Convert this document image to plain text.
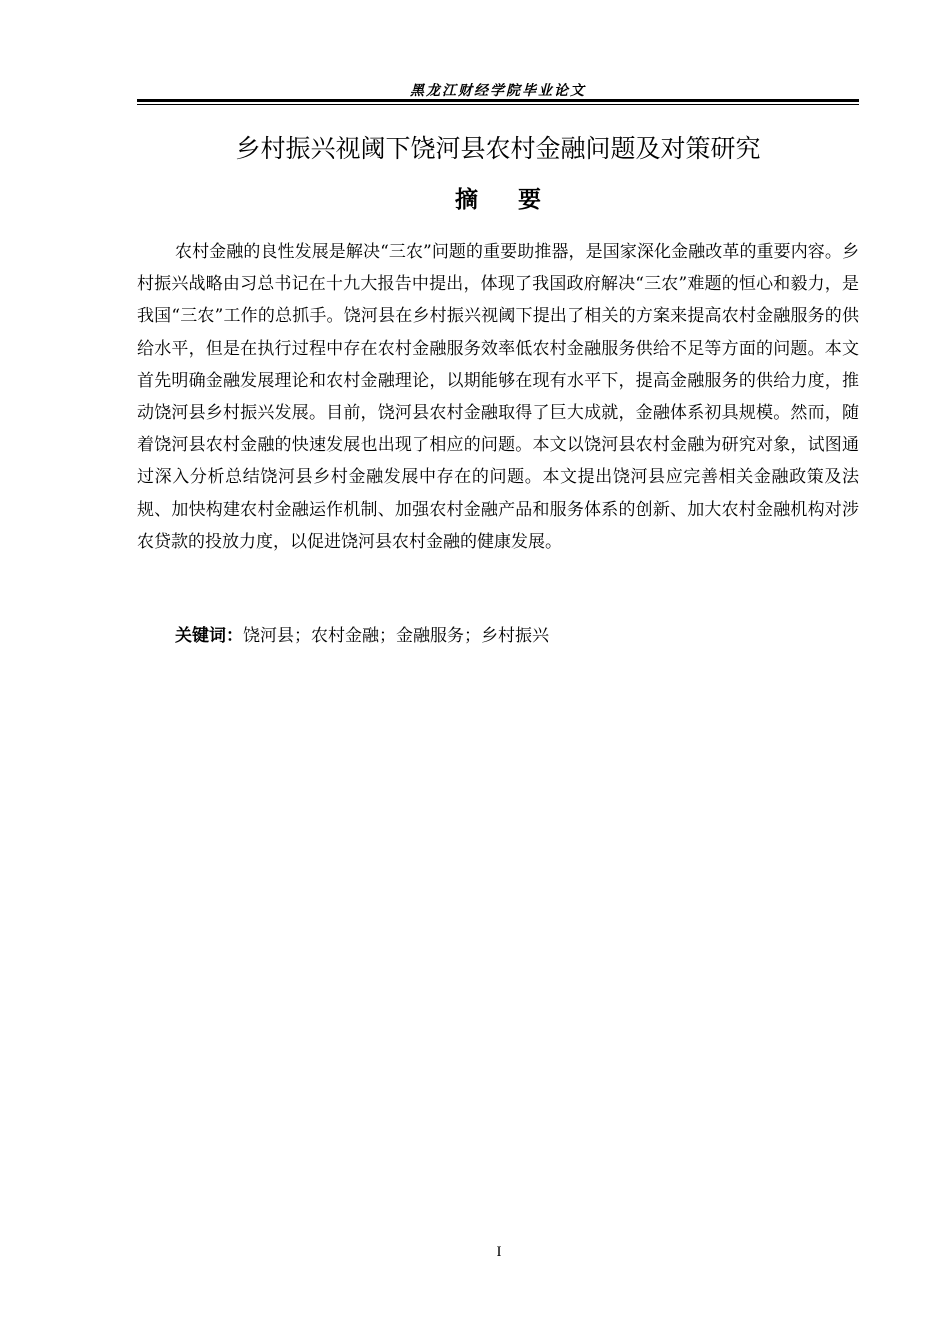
黑龙江财经学院毕业论文
乡村振兴视阈下饶河县农村金融问题及对策研究
摘 要

农村金融的良性发展是解决“三农”问题的重要助推器，是国家深化金融改革的重要内容。乡村振兴战略由习总书记在十九大报告中提出，体现了我国政府解决“三农”难题的恒心和毅力，是我国“三农”工作的总抓手。饶河县在乡村振兴视阈下提出了相关的方案来提高农村金融服务的供给水平，但是在执行过程中存在农村金融服务效率低农村金融服务供给不足等方面的问题。本文首先明确金融发展理论和农村金融理论，以期能够在现有水平下，提高金融服务的供给力度，推动饶河县乡村振兴发展。目前，饶河县农村金融取得了巨大成就，金融体系初具规模。然而，随着饶河县农村金融的快速发展也出现了相应的问题。本文以饶河县农村金融为研究对象，试图通过深入分析总结饶河县乡村金融发展中存在的问题。本文提出饶河县应完善相关金融政策及法规、加快构建农村金融运作机制、加强农村金融产品和服务体系的创新、加大农村金融机构对涉农贷款的投放力度，以促进饶河县农村金融的健康发展。

关键词：饶河县；农村金融；金融服务；乡村振兴
I
